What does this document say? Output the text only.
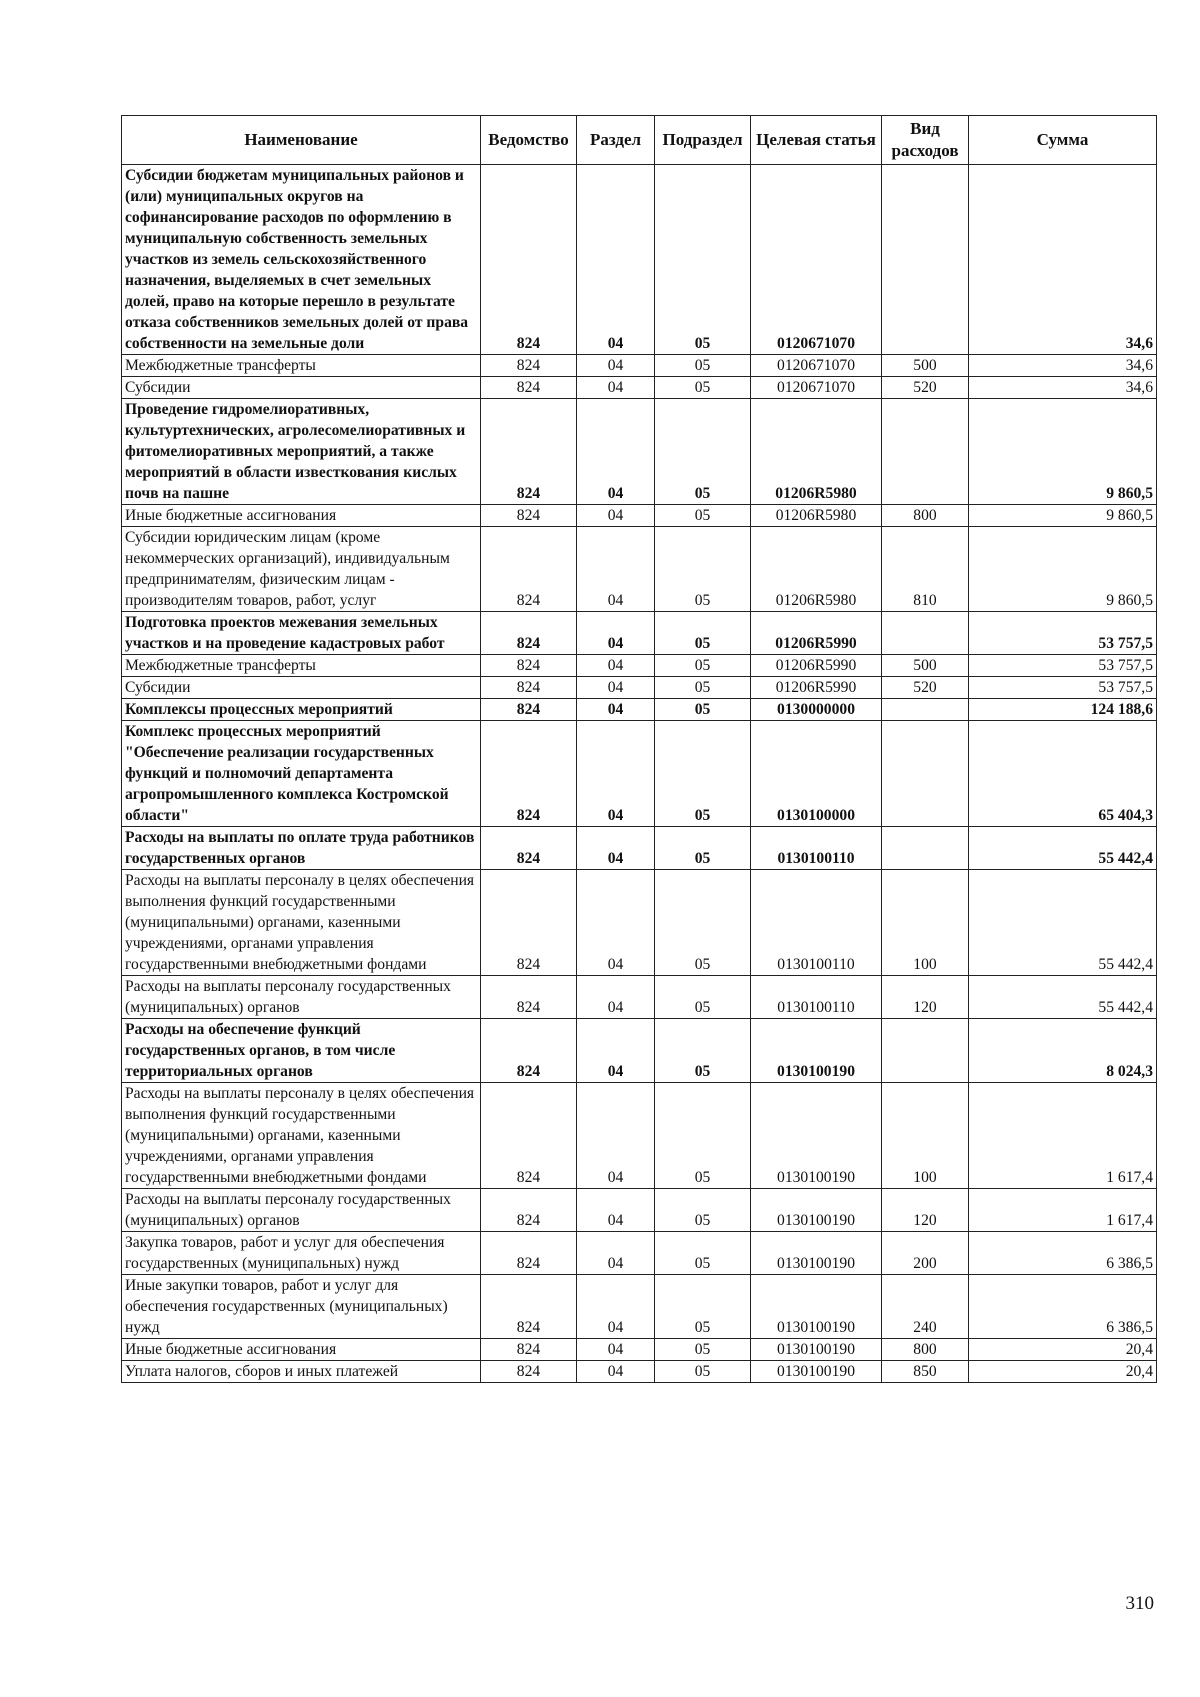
Наименование	Ведомство	Раздел	Подраздел	Целевая статья	Вид расходов	Сумма
Субсидии бюджетам муниципальных районов и (или) муниципальных округов на софинансирование расходов по оформлению в муниципальную собственность земельных участков из земель сельскохозяйственного назначения, выделяемых в счет земельных долей, право на которые перешло в результате отказа собственников земельных долей от права собственности на земельные доли	824	04	05	0120671070		34,6
Межбюджетные трансферты	824	04	05	0120671070	500	34,6
Субсидии	824	04	05	0120671070	520	34,6
Проведение гидромелиоративных, культуртехнических, агролесомелиоративных и фитомелиоративных мероприятий, а также мероприятий в области известкования кислых почв на пашне	824	04	05	01206R5980		9 860,5
Иные бюджетные ассигнования	824	04	05	01206R5980	800	9 860,5
Субсидии юридическим лицам (кроме некоммерческих организаций), индивидуальным предпринимателям, физическим лицам - производителям товаров, работ, услуг	824	04	05	01206R5980	810	9 860,5
Подготовка проектов межевания земельных участков и на проведение кадастровых работ	824	04	05	01206R5990		53 757,5
Межбюджетные трансферты	824	04	05	01206R5990	500	53 757,5
Субсидии	824	04	05	01206R5990	520	53 757,5
Комплексы процессных мероприятий	824	04	05	0130000000		124 188,6
Комплекс процессных мероприятий "Обеспечение реализации государственных функций и полномочий департамента агропромышленного комплекса Костромской области"	824	04	05	0130100000		65 404,3
Расходы на выплаты по оплате труда работников государственных органов	824	04	05	0130100110		55 442,4
Расходы на выплаты персоналу в целях обеспечения выполнения функций государственными (муниципальными) органами, казенными учреждениями, органами управления государственными внебюджетными фондами	824	04	05	0130100110	100	55 442,4
Расходы на выплаты персоналу государственных (муниципальных) органов	824	04	05	0130100110	120	55 442,4
Расходы на обеспечение функций государственных органов, в том числе территориальных органов	824	04	05	0130100190		8 024,3
Расходы на выплаты персоналу в целях обеспечения выполнения функций государственными (муниципальными) органами, казенными учреждениями, органами управления государственными внебюджетными фондами	824	04	05	0130100190	100	1 617,4
Расходы на выплаты персоналу государственных (муниципальных) органов	824	04	05	0130100190	120	1 617,4
Закупка товаров, работ и услуг для обеспечения государственных (муниципальных) нужд	824	04	05	0130100190	200	6 386,5
Иные закупки товаров, работ и услуг для обеспечения государственных (муниципальных) нужд	824	04	05	0130100190	240	6 386,5
Иные бюджетные ассигнования	824	04	05	0130100190	800	20,4
Уплата налогов, сборов и иных платежей	824	04	05	0130100190	850	20,4
310
